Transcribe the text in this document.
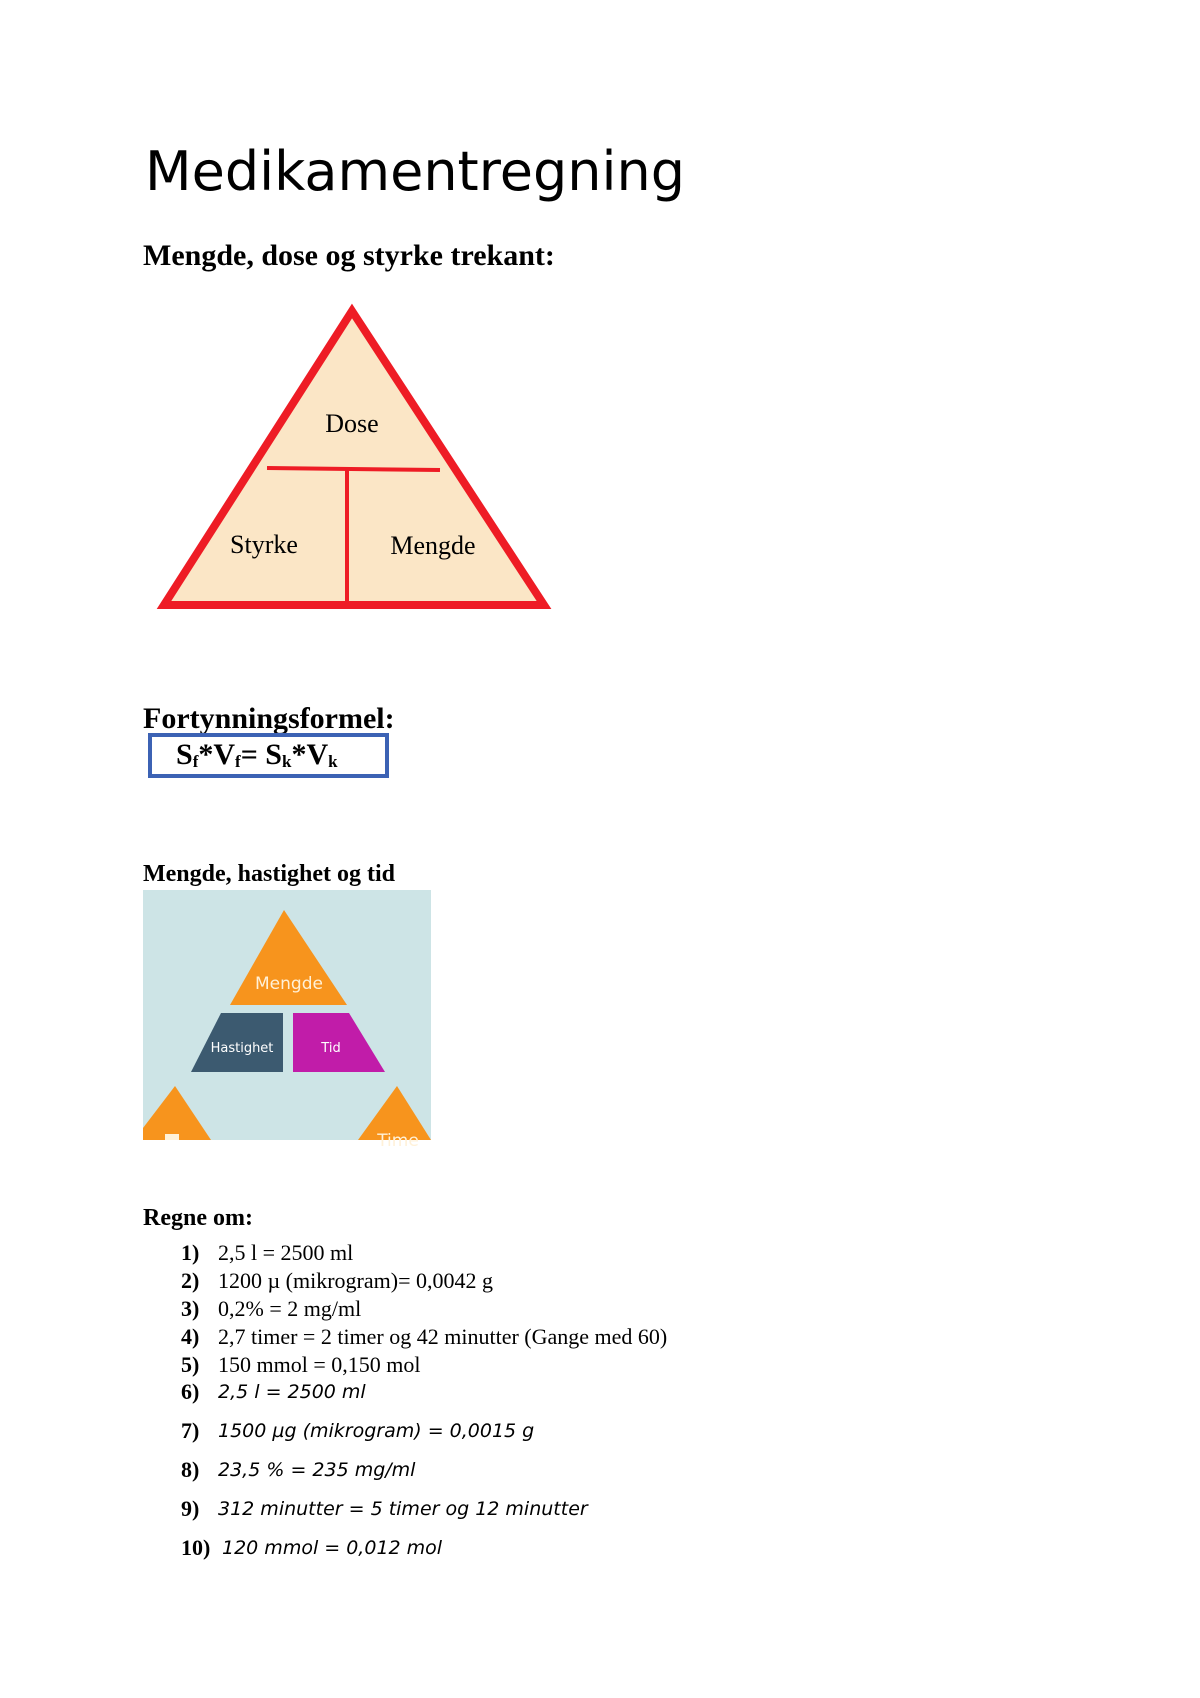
Medikamentregning
Mengde, dose og styrke trekant:
Dose
Styrke	Mengde
Fortynningsformel:
$S_f*V_f= S_k*V_k$
Mengde, hastighet og tid
Mengde
Hastighet	Tid
Time
Regne om:
1) 2,5 l = 2500 ml
2) 1200 µ (mikrogram)= 0,0042 g
3) 0,2% = 2 mg/ml
4) 2,7 timer = 2 timer og 42 minutter (Gange med 60)
5) 150 mmol = 0,150 mol
6) 2,5 l = 2500 ml
7) 1500 µg (mikrogram) = 0,0015 g
8) 23,5 % = 235 mg/ml
9) 312 minutter = 5 timer og 12 minutter
10) 120 mmol = 0,012 mol
